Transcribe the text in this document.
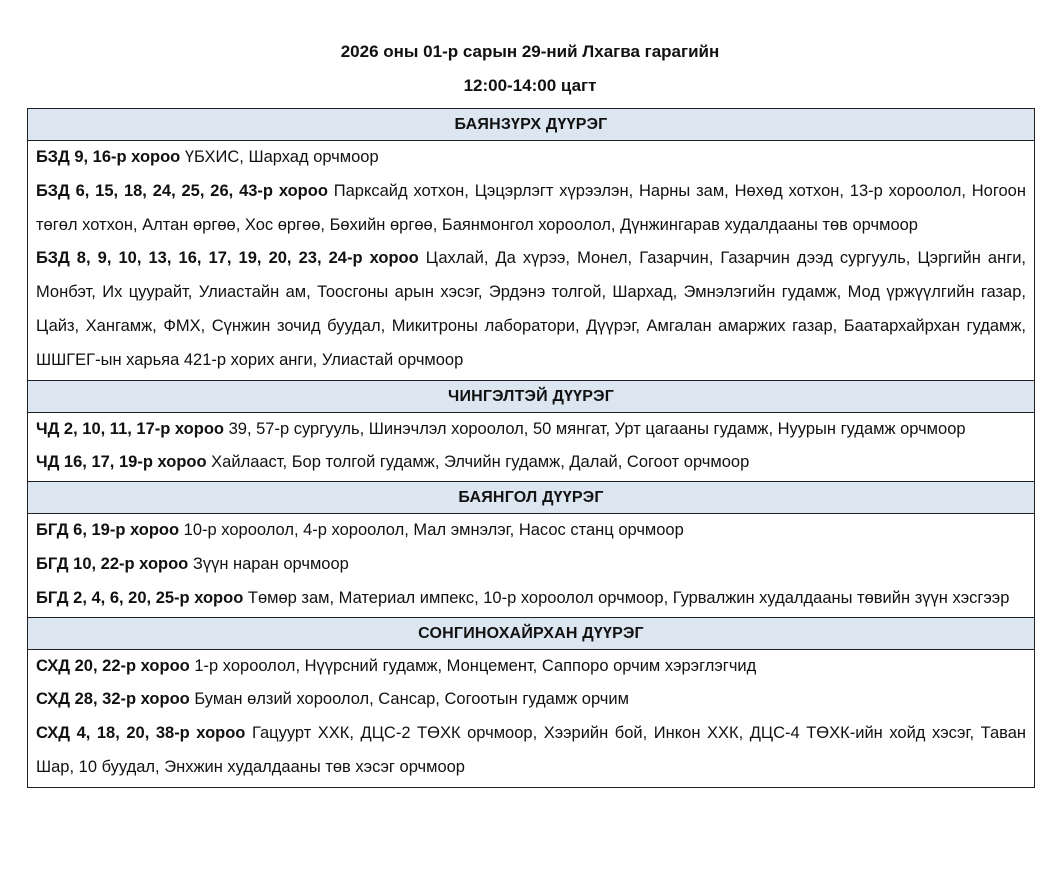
2026 оны 01-р сарын 29-ний Лхагва гарагийн
12:00-14:00 цагт
БАЯНЗҮРХ ДҮҮРЭГ
БЗД 9, 16-р хороо ҮБХИС, Шархад орчмоор
БЗД 6, 15, 18, 24, 25, 26, 43-р хороо Парксайд хотхон, Цэцэрлэгт хүрээлэн, Нарны зам, Нөхөд хотхон, 13-р хороолол, Ногоон төгөл хотхон, Алтан өргөө, Хос өргөө, Бөхийн өргөө, Баянмонгол хороолол, Дүнжингарав худалдааны төв орчмоор
БЗД 8, 9, 10, 13, 16, 17, 19, 20, 23, 24-р хороо Цахлай, Да хүрээ, Монел, Газарчин, Газарчин дээд сургууль, Цэргийн анги, Монбэт, Их цуурайт, Улиастайн ам, Тоосгоны арын хэсэг, Эрдэнэ толгой, Шархад, Эмнэлэгийн гудамж, Мод үржүүлгийн газар, Цайз, Хангамж, ФМХ, Сүнжин зочид буудал, Микитроны лаборатори, Дүүрэг, Амгалан амаржих газар, Баатархайрхан гудамж, ШШГЕГ-ын харьяа 421-р хорих анги, Улиастай орчмоор
ЧИНГЭЛТЭЙ ДҮҮРЭГ
ЧД 2, 10, 11, 17-р хороо 39, 57-р сургууль, Шинэчлэл хороолол, 50 мянгат, Урт цагааны гудамж, Нуурын гудамж орчмоор
ЧД 16, 17, 19-р хороо Хайлааст, Бор толгой гудамж, Элчийн гудамж, Далай, Согоот орчмоор
БАЯНГОЛ ДҮҮРЭГ
БГД 6, 19-р хороо 10-р хороолол, 4-р хороолол, Мал эмнэлэг, Насос станц орчмоор
БГД 10, 22-р хороо Зүүн наран орчмоор
БГД 2, 4, 6, 20, 25-р хороо Төмөр зам, Материал импекс, 10-р хороолол орчмоор, Гурвалжин худалдааны төвийн зүүн хэсгээр
СОНГИНОХАЙРХАН ДҮҮРЭГ
СХД 20, 22-р хороо 1-р хороолол, Нүүрсний гудамж, Монцемент, Саппоро орчим хэрэглэгчид
СХД 28, 32-р хороо Буман өлзий хороолол, Сансар, Согоотын гудамж орчим
СХД 4, 18, 20, 38-р хороо Гацуурт ХХК, ДЦС-2 ТӨХК орчмоор, Хээрийн бой, Инкон ХХК, ДЦС-4 ТӨХК-ийн хойд хэсэг, Таван Шар, 10 буудал, Энхжин худалдааны төв хэсэг орчмоор
